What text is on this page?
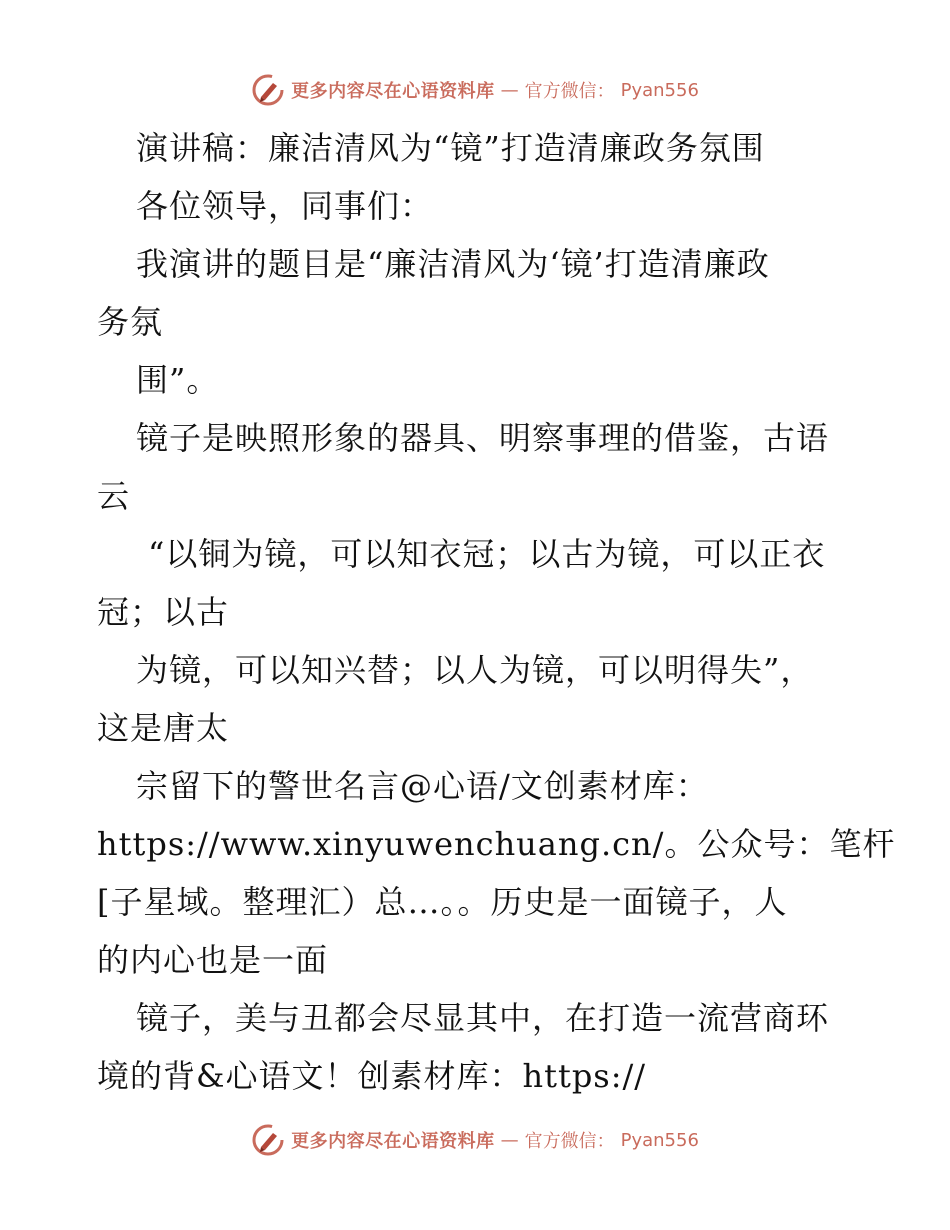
更多内容尽在心语资料库 — 官方微信： Pyan556
演讲稿：廉洁清风为“镜”打造清廉政务氛围
各位领导，同事们：
我演讲的题目是“廉洁清风为‘镜’打造清廉政
务氛
围”。
镜子是映照形象的器具、明察事理的借鉴，古语
云
“以铜为镜，可以知衣冠；以古为镜，可以正衣
冠；以古
为镜，可以知兴替；以人为镜，可以明得失”，
这是唐太
宗留下的警世名言@心语/文创素材库：
https://www.xinyuwenchuang.cn/。公众号：笔杆
[子星域。整理汇）总…。。历史是一面镜子，人
的内心也是一面
镜子，美与丑都会尽显其中，在打造一流营商环
境的背&心语文！创素材库：https://
更多内容尽在心语资料库 — 官方微信： Pyan556
